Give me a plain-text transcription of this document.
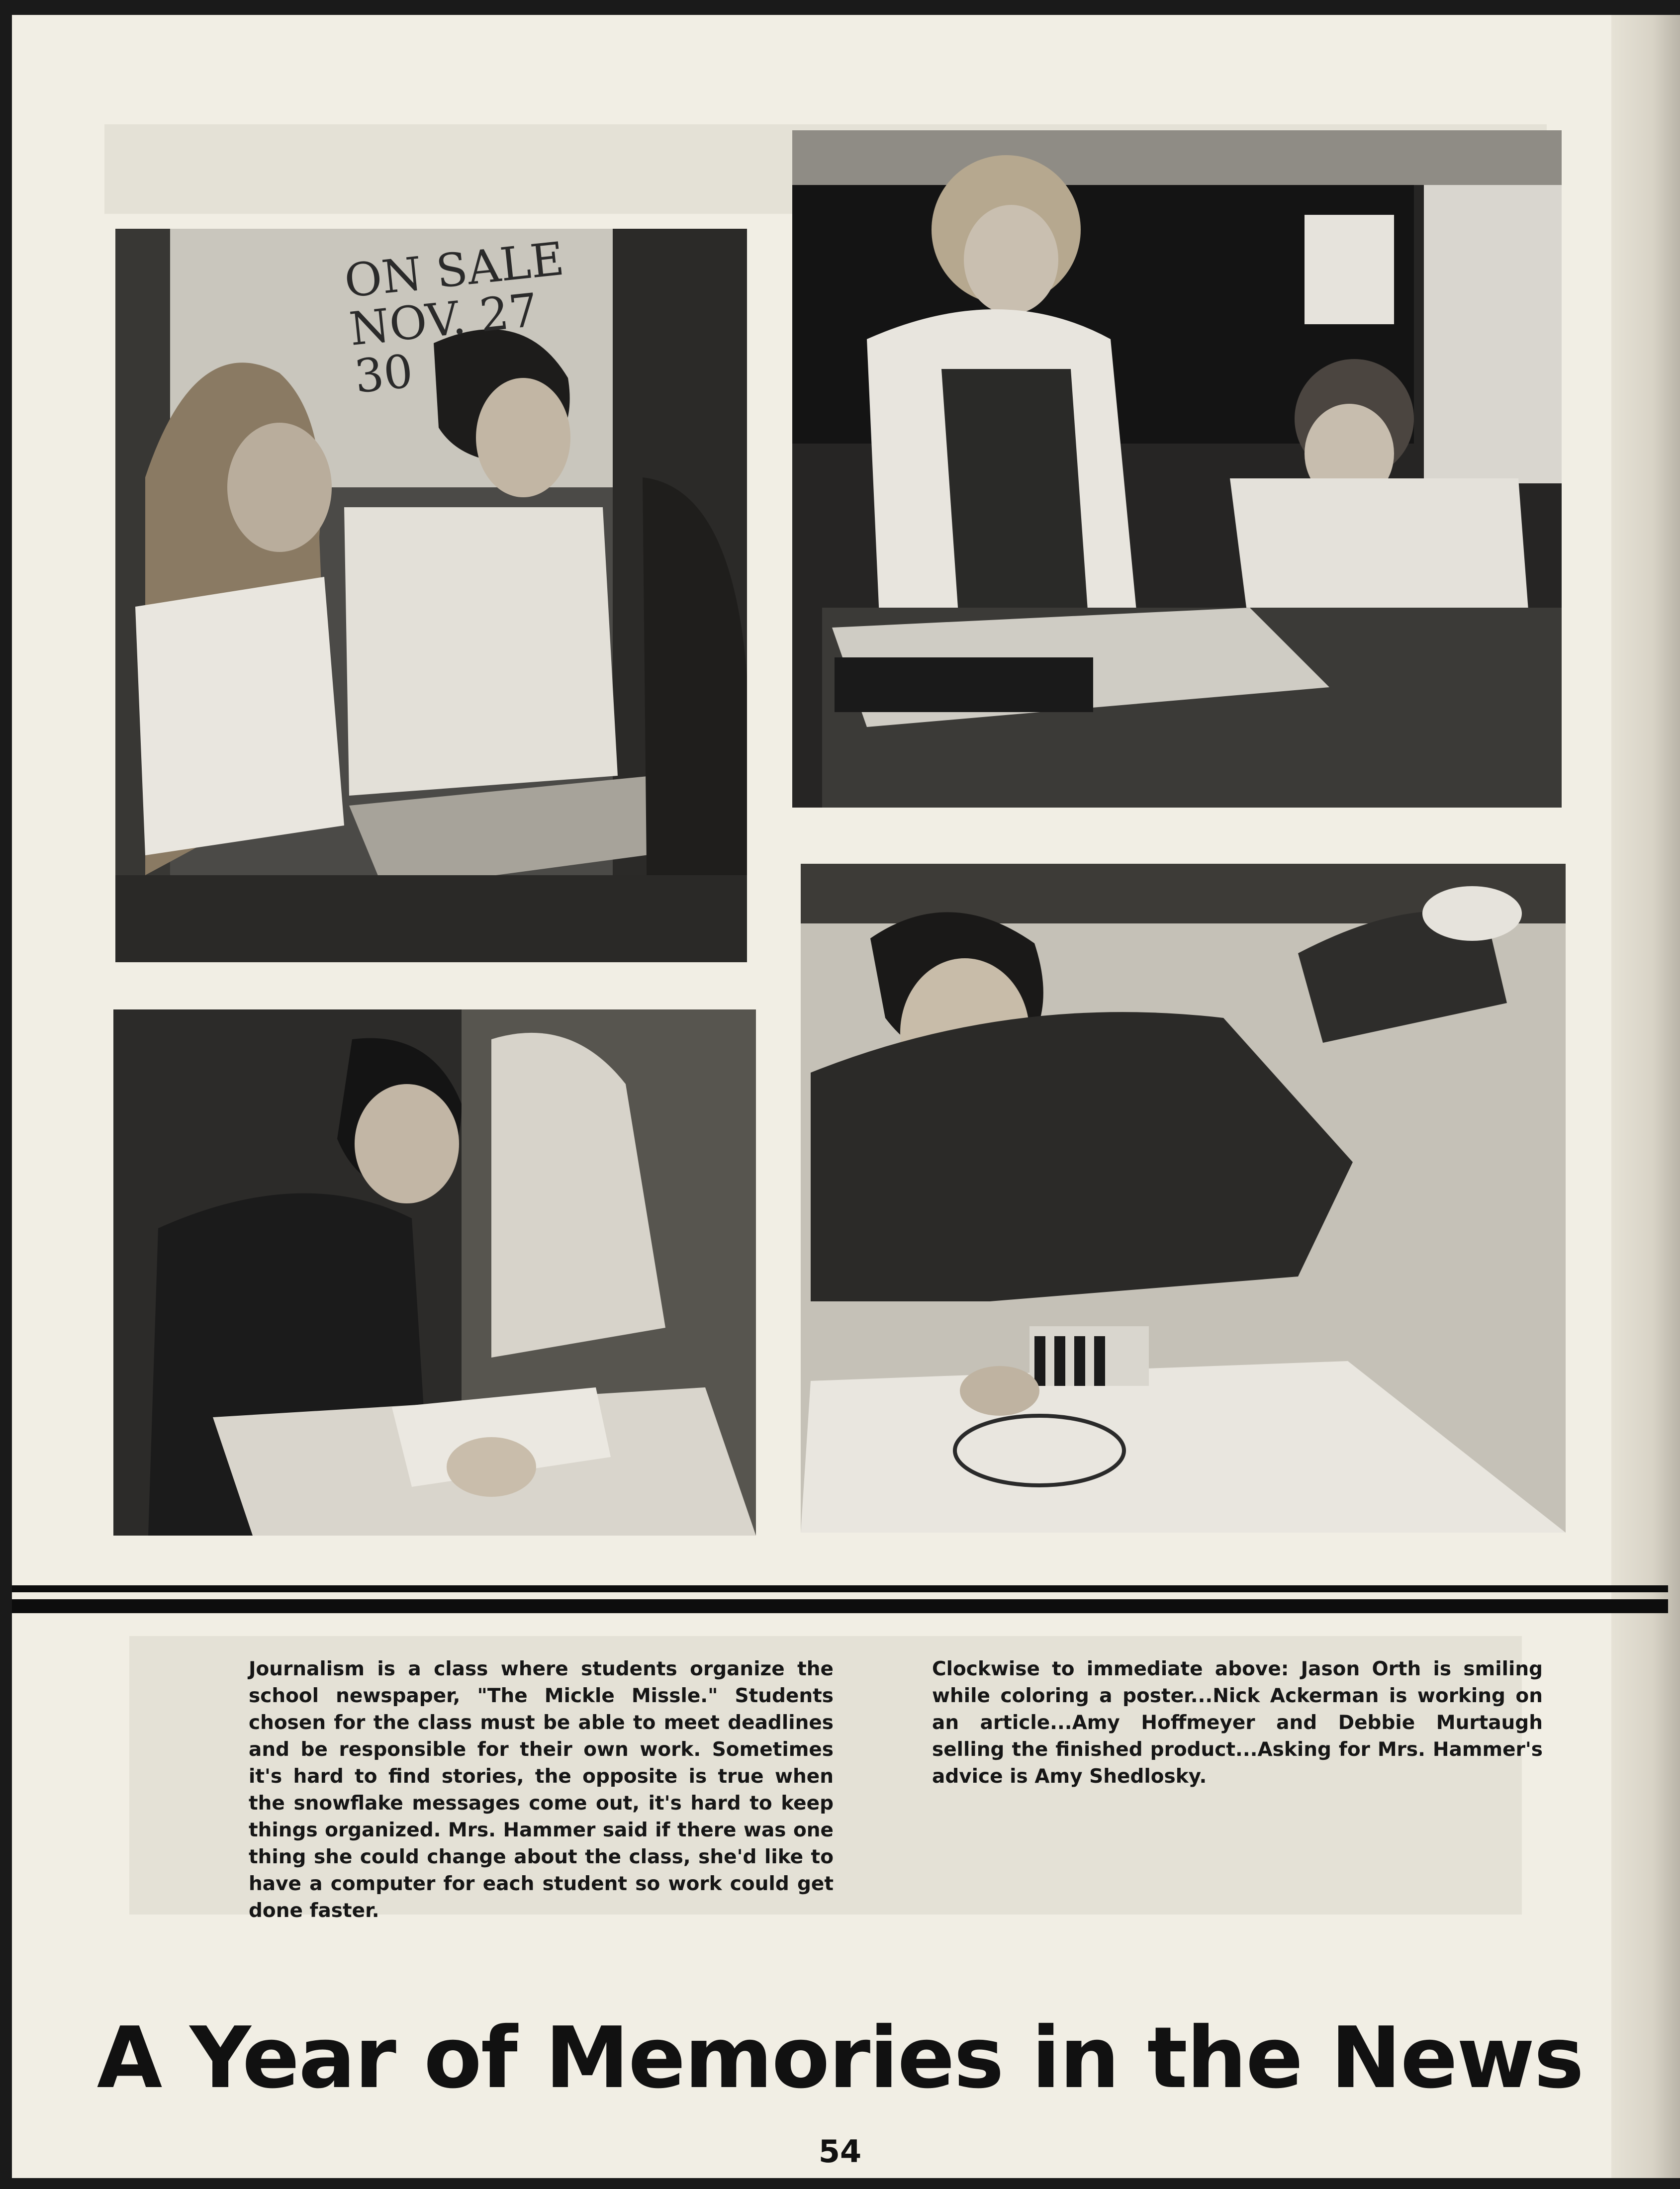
ON SALE
NOV. 27
30
Journalism is a class where students organize the school newspaper, "The Mickle Missle." Students chosen for the class must be able to meet deadlines and be responsible for their own work. Sometimes it's hard to find stories, the opposite is true when the snowflake messages come out, it's hard to keep things organized. Mrs. Hammer said if there was one thing she could change about the class, she'd like to have a computer for each student so work could get done faster.
Clockwise to immediate above: Jason Orth is smiling while coloring a poster...Nick Ackerman is working on an article...Amy Hoffmeyer and Debbie Murtaugh selling the finished product...Asking for Mrs. Hammer's advice is Amy Shedlosky.
A Year of Memories in the News
54
